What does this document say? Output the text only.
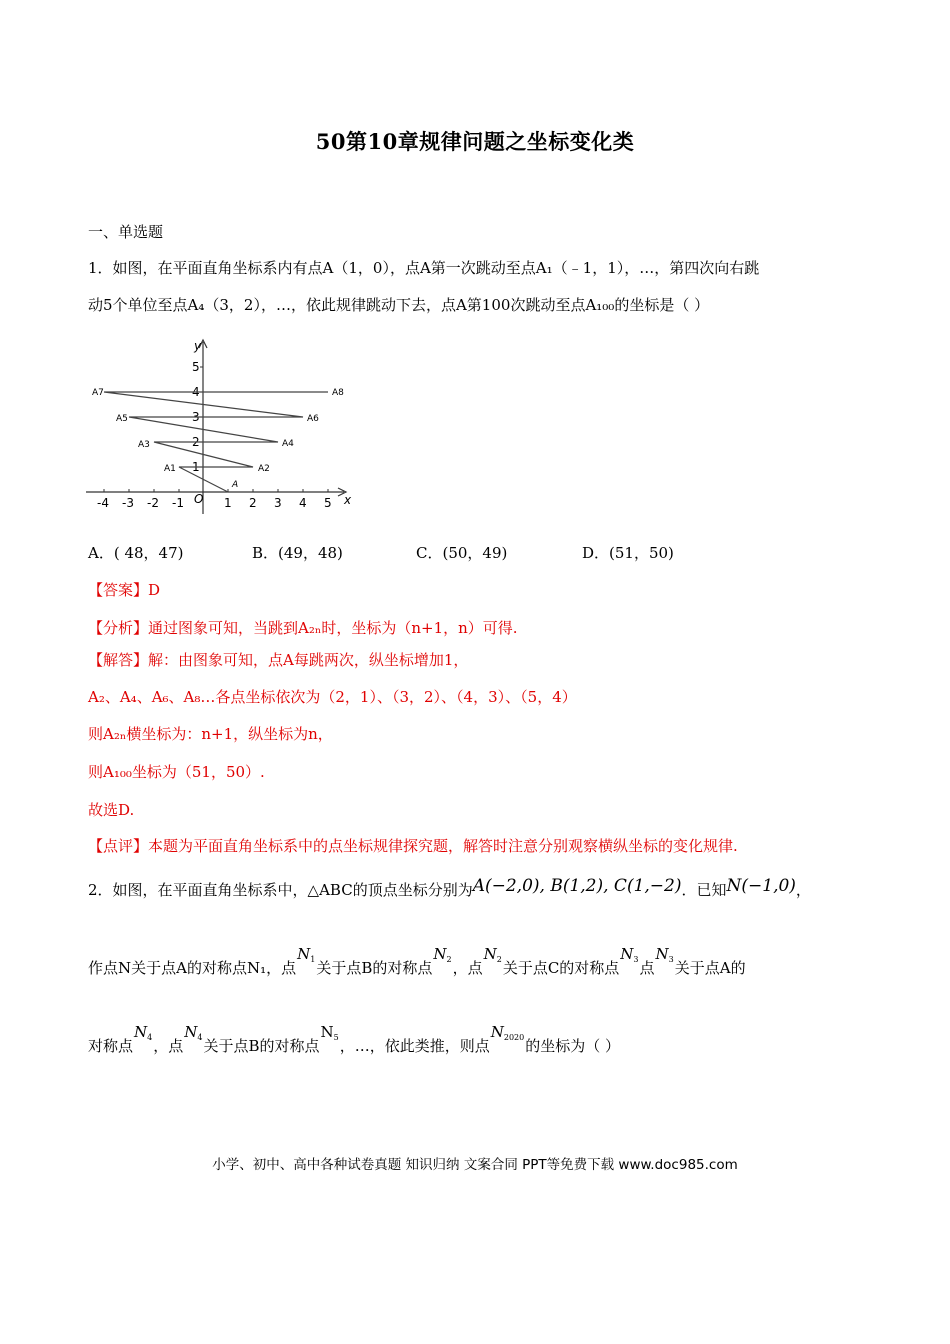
50第10章规律问题之坐标变化类
一、单选题
1．如图，在平面直角坐标系内有点A（1，0），点A第一次跳动至点A₁（﹣1，1），…，第四次向右跳
动5个单位至点A₄（3，2），…，依此规律跳动下去，点A第100次跳动至点A₁₀₀的坐标是（ ）
y
x
O
-4 -3 -2 -1	1 2 3 4 5
1
2
3
4
5
A
A1	A2
A3	A4
A5	A6
A7	A8
A．( 48，47)	B．(49，48)	C．(50，49)	D．(51，50)
【答案】D
【分析】通过图象可知，当跳到A₂ₙ时，坐标为（n+1，n）可得.
【解答】解：由图象可知，点A每跳两次，纵坐标增加1，
A₂、A₄、A₆、A₈…各点坐标依次为（2，1）、（3，2）、（4，3）、（5，4）
则A₂ₙ横坐标为：n+1，纵坐标为n，
则A₁₀₀坐标为（51，50）.
故选D.
【点评】本题为平面直角坐标系中的点坐标规律探究题，解答时注意分别观察横纵坐标的变化规律.
2．如图，在平面直角坐标系中，△ABC的顶点坐标分别为A(−2,0), B(1,2), C(1,−2)．已知N(−1,0)，
作点N关于点A的对称点N₁，点$N_1$关于点B的对称点$N_2$，点$N_2$关于点C的对称点$N_3$点$N_3$关于点A的
对称点$N_4$，点$N_4$关于点B的对称点$N_5$，…，依此类推，则点$N_{2020}$的坐标为（ ）
小学、初中、高中各种试卷真题 知识归纳 文案合同 PPT等免费下载 www.doc985.com
